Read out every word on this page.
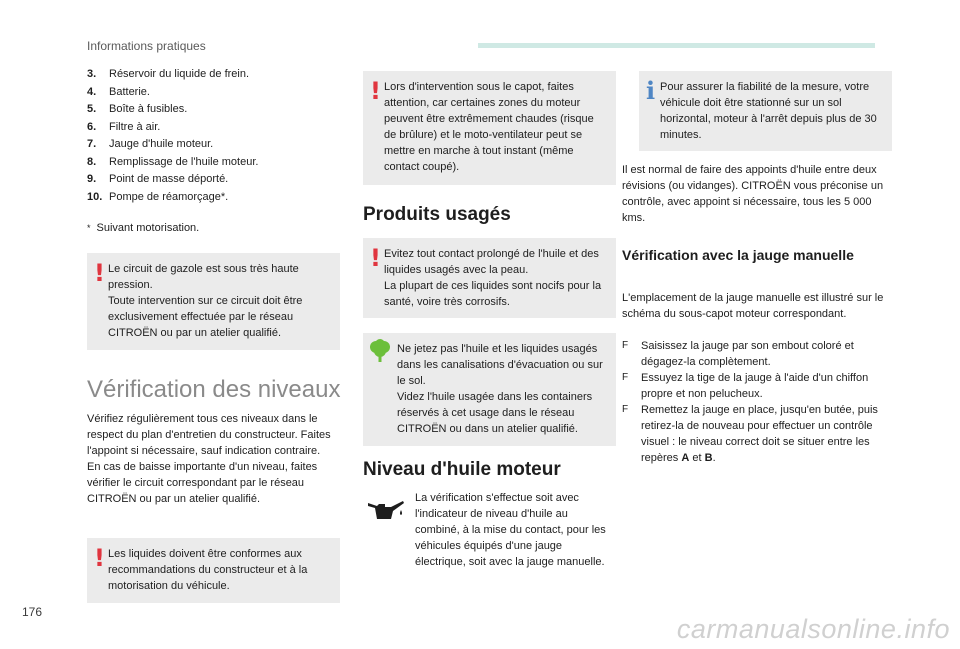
Informations pratiques
3.	Réservoir du liquide de frein.
4.	Batterie.
5.	Boîte à fusibles.
6.	Filtre à air.
7.	Jauge d'huile moteur.
8.	Remplissage de l'huile moteur.
9.	Point de masse déporté.
10. Pompe de réamorçage*.
* Suivant motorisation.
! Le circuit de gazole est sous très haute pression.
Toute intervention sur ce circuit doit être exclusivement effectuée par le réseau CITROËN ou par un atelier qualifié.
Vérification des niveaux
Vérifiez régulièrement tous ces niveaux dans le respect du plan d'entretien du constructeur. Faites l'appoint si nécessaire, sauf indication contraire.
En cas de baisse importante d'un niveau, faites vérifier le circuit correspondant par le réseau CITROËN ou par un atelier qualifié.
! Les liquides doivent être conformes aux recommandations du constructeur et à la motorisation du véhicule.
! Lors d'intervention sous le capot, faites attention, car certaines zones du moteur peuvent être extrêmement chaudes (risque de brûlure) et le moto-ventilateur peut se mettre en marche à tout instant (même contact coupé).
Produits usagés
! Evitez tout contact prolongé de l'huile et des liquides usagés avec la peau.
La plupart de ces liquides sont nocifs pour la santé, voire très corrosifs.
Ne jetez pas l'huile et les liquides usagés dans les canalisations d'évacuation ou sur le sol.
Videz l'huile usagée dans les containers réservés à cet usage dans le réseau CITROËN ou dans un atelier qualifié.
Niveau d'huile moteur
La vérification s'effectue soit avec l'indicateur de niveau d'huile au combiné, à la mise du contact, pour les véhicules équipés d'une jauge électrique, soit avec la jauge manuelle.
i Pour assurer la fiabilité de la mesure, votre véhicule doit être stationné sur un sol horizontal, moteur à l'arrêt depuis plus de 30 minutes.
Il est normal de faire des appoints d'huile entre deux révisions (ou vidanges). CITROËN vous préconise un contrôle, avec appoint si nécessaire, tous les 5 000 kms.
Vérification avec la jauge manuelle
L'emplacement de la jauge manuelle est illustré sur le schéma du sous-capot moteur correspondant.
F Saisissez la jauge par son embout coloré et dégagez-la complètement.
F Essuyez la tige de la jauge à l'aide d'un chiffon propre et non pelucheux.
F Remettez la jauge en place, jusqu'en butée, puis retirez-la de nouveau pour effectuer un contrôle visuel : le niveau correct doit se situer entre les repères A et B.
176
carmanualsonline.info
